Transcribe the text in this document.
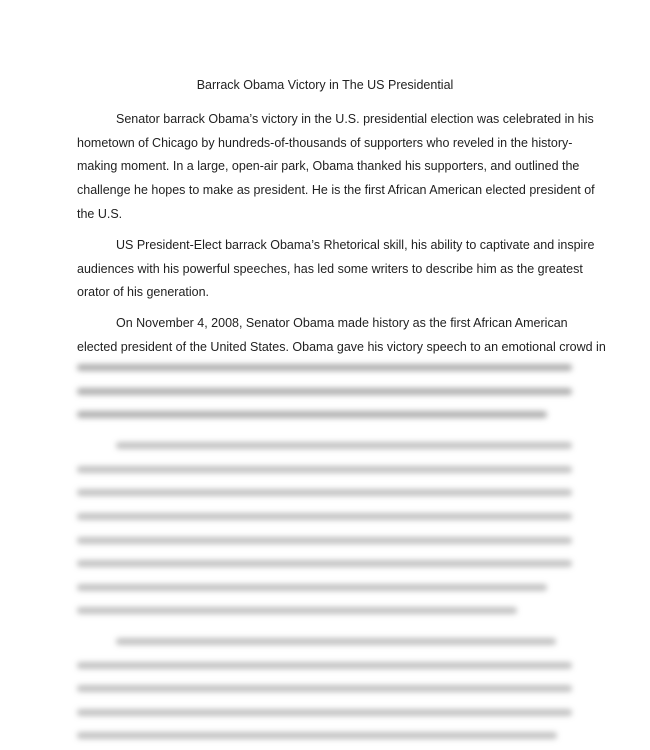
Barrack Obama Victory in The US Presidential
Senator barrack Obama’s victory in the U.S. presidential election was celebrated in his
hometown of Chicago by hundreds-of-thousands of supporters who reveled in the history-
making moment. In a large, open-air park, Obama thanked his supporters, and outlined the
challenge he hopes to make as president. He is the first African American elected president of
the U.S.
US President-Elect barrack Obama’s Rhetorical skill, his ability to captivate and inspire
audiences with his powerful speeches, has led some writers to describe him as the greatest
orator of his generation.
On November 4, 2008, Senator Obama made history as the first African American
elected president of the United States. Obama gave his victory speech to an emotional crowd in
